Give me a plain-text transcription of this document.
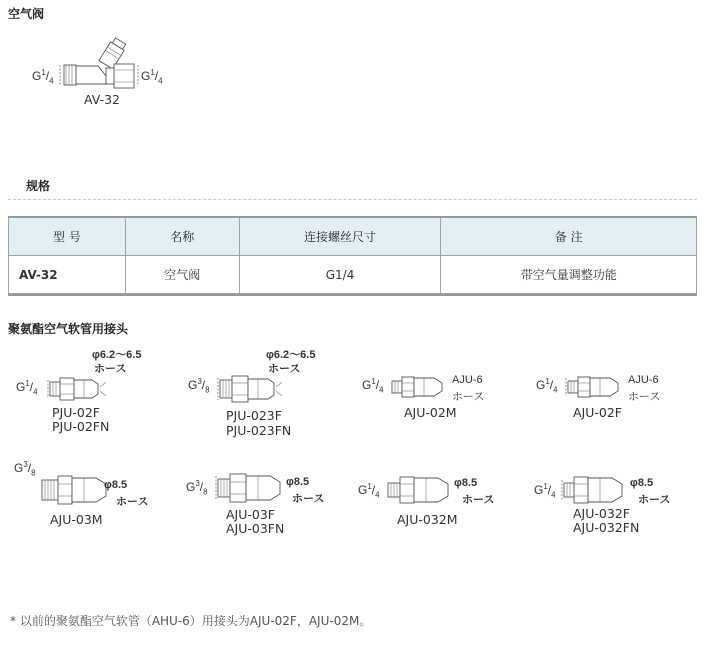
空气阀
$G^1/_4$	$G^1/_4$
AV-32
规格
型 号	名称	连接螺丝尺寸	备 注
AV-32	空气阀	G1/4	带空气量调整功能
聚氨酯空气软管用接头
φ6.2～6.5
ホース
$G^1/_4$
PJU-02F
PJU-02FN
φ6.2～6.5
ホース
$G^3/_8$
PJU-023F
PJU-023FN
$G^1/_4$
AJU-6
ホース
AJU-02M
$G^1/_4$
AJU-6
ホース
AJU-02F
$G^3/_8$
φ8.5
ホース
AJU-03M
$G^3/_8$
φ8.5
ホース
AJU-03F
AJU-03FN
$G^1/_4$
φ8.5
ホース
AJU-032M
$G^1/_4$
φ8.5
ホース
AJU-032F
AJU-032FN
* 以前的聚氨酯空气软管（AHU-6）用接头为AJU-02F，AJU-02M。
